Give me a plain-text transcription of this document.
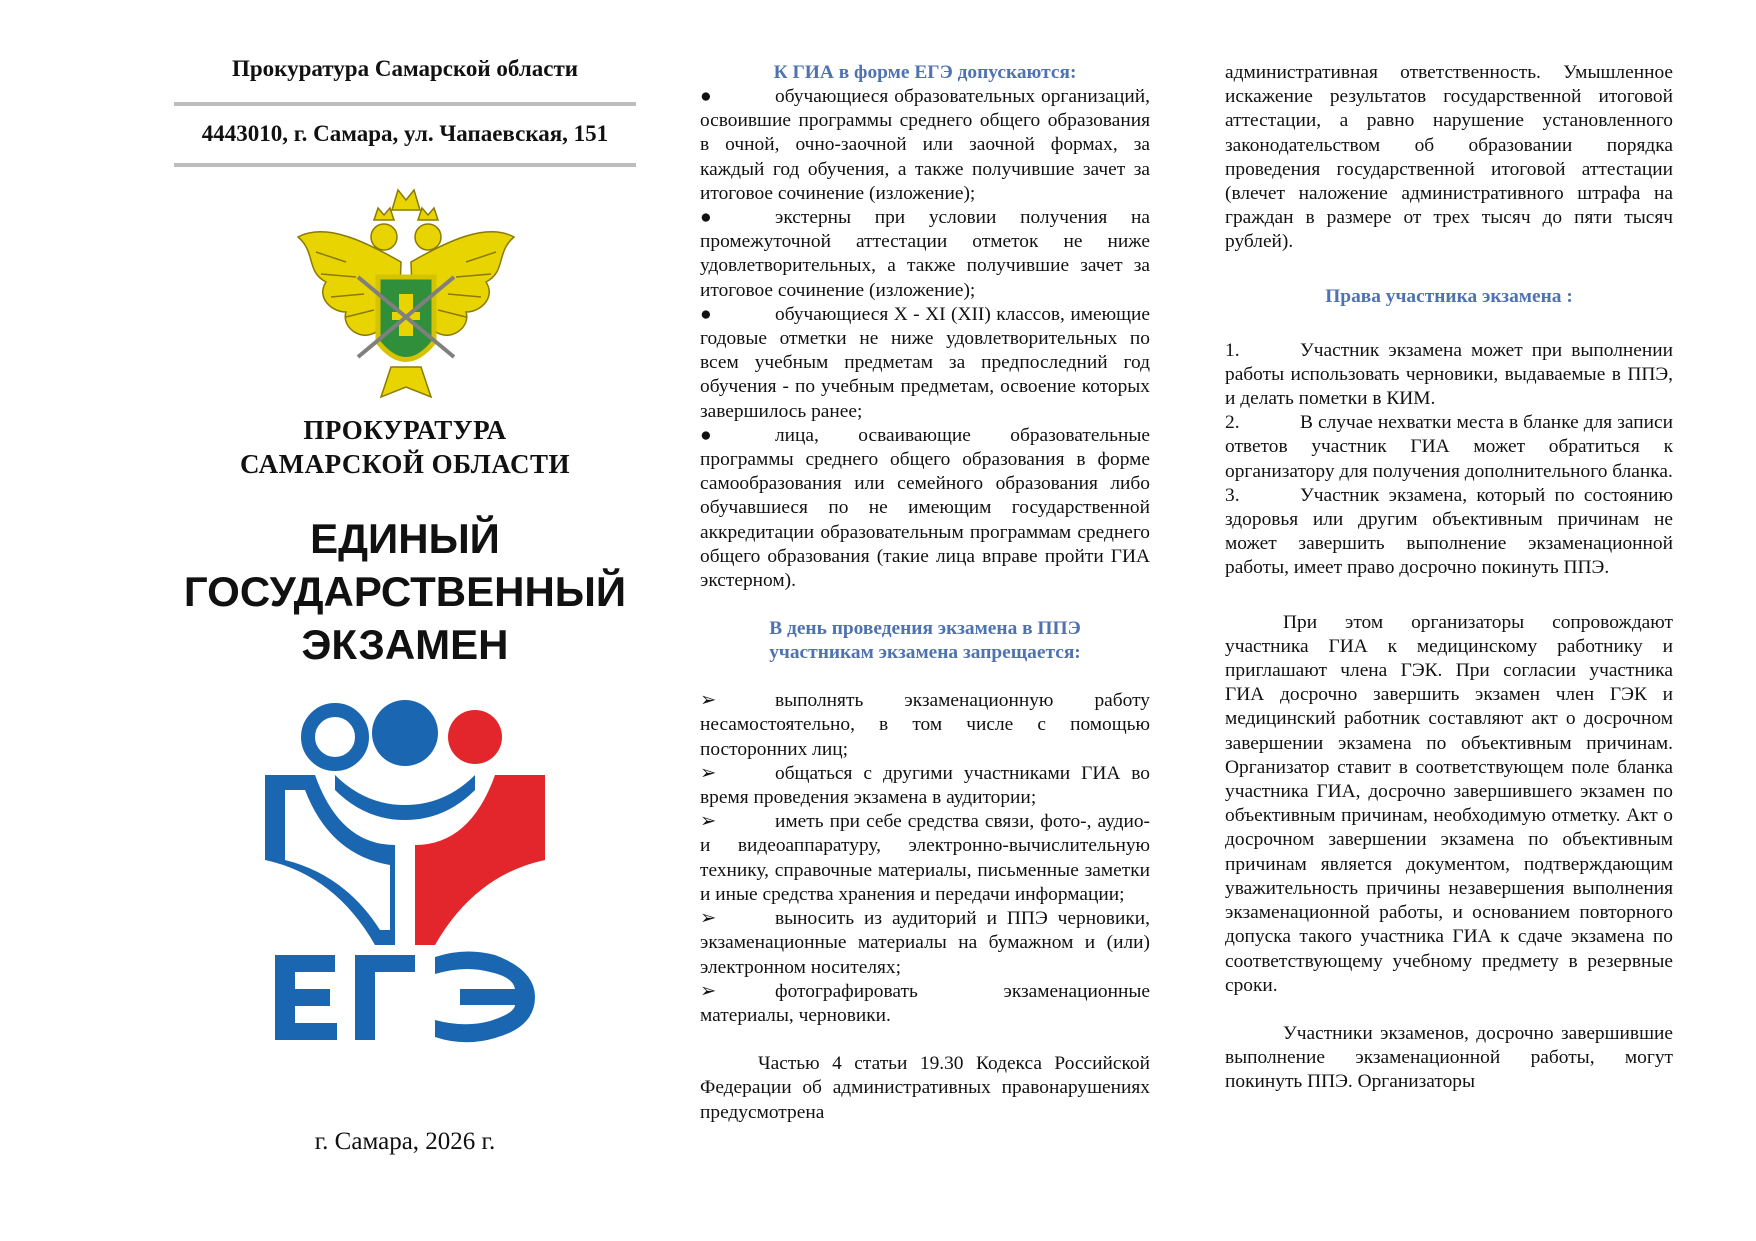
Прокуратура Самарской области
4443010, г. Самара, ул. Чапаевская, 151
ПРОКУРАТУРА
САМАРСКОЙ ОБЛАСТИ
ЕДИНЫЙ
ГОСУДАРСТВЕННЫЙ
ЭКЗАМЕН
г. Самара, 2026 г.

К ГИА в форме ЕГЭ допускаются:

●	обучающиеся образовательных организаций, освоившие программы среднего общего образования в очной, очно-заочной или заочной формах, за каждый год обучения, а также получившие зачет за итоговое сочинение (изложение);

●	экстерны при условии получения на промежуточной аттестации отметок не ниже удовлетворительных, а также получившие зачет за итоговое сочинение (изложение);

●	обучающиеся X - XI (XII) классов, имеющие годовые отметки не ниже удовлетворительных по всем учебным предметам за предпоследний год обучения - по учебным предметам, освоение которых завершилось ранее;

●	лица, осваивающие образовательные программы среднего общего образования в форме самообразования или семейного образования либо обучавшиеся по не имеющим государственной аккредитации образовательным программам среднего общего образования (такие лица вправе пройти ГИА экстерном).

В день проведения экзамена в ППЭ
участникам экзамена запрещается:

➢	выполнять экзаменационную работу несамостоятельно, в том числе с помощью посторонних лиц;

➢	общаться с другими участниками ГИА во время проведения экзамена в аудитории;

➢	иметь при себе средства связи, фото-, аудио- и видеоаппаратуру, электронно-вычислительную технику, справочные материалы, письменные заметки и иные средства хранения и передачи информации;

➢	выносить из аудиторий и ППЭ черновики, экзаменационные материалы на бумажном и (или) электронном носителях;

➢	фотографировать экзаменационные материалы, черновики.

Частью 4 статьи 19.30 Кодекса Российской Федерации об административных правонарушениях предусмотрена

административная ответственность. Умышленное искажение результатов государственной итоговой аттестации, а равно нарушение установленного законодательством об образовании порядка проведения государственной итоговой аттестации (влечет наложение административного штрафа на граждан в размере от трех тысяч до пяти тысяч рублей).

Права участника экзамена :

1.	Участник экзамена может при выполнении работы использовать черновики, выдаваемые в ППЭ, и делать пометки в КИМ.

2.	В случае нехватки места в бланке для записи ответов участник ГИА может обратиться к организатору для получения дополнительного бланка.

3.	Участник экзамена, который по состоянию здоровья или другим объективным причинам не может завершить выполнение экзаменационной работы, имеет право досрочно покинуть ППЭ.

При этом организаторы сопровождают участника ГИА к медицинскому работнику и приглашают члена ГЭК. При согласии участника ГИА досрочно завершить экзамен член ГЭК и медицинский работник составляют акт о досрочном завершении экзамена по объективным причинам. Организатор ставит в соответствующем поле бланка участника ГИА, досрочно завершившего экзамен по объективным причинам, необходимую отметку. Акт о досрочном завершении экзамена по объективным причинам является документом, подтверждающим уважительность причины незавершения выполнения экзаменационной работы, и основанием повторного допуска такого участника ГИА к сдаче экзамена по соответствующему учебному предмету в резервные сроки.

Участники экзаменов, досрочно завершившие выполнение экзаменационной работы, могут покинуть ППЭ. Организаторы
